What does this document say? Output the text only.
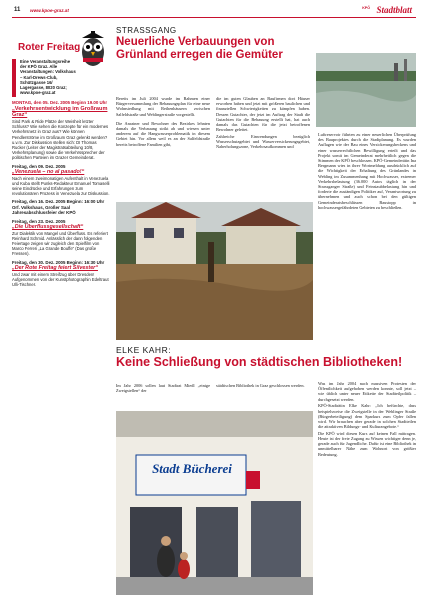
11 www.kpoe-graz.at	KPÖ Stadtblatt
Roter Freitag

Eine Veranstaltungsreihe der KPÖ Graz. Alle Veranstaltungen: Volkshaus – Karl-Drews-Club, Schützgasse 16/ Lagergasse, 8020 Graz; www.kpoe-graz.at

MONTAG, den 05. Dez. 2005 Beginn 19.00 Uhr
„Verkehrsentwicklung im Großraum Graz“
Sind Park & Ride Plätze der Weisheit letzter Schluss? Wie sehen die Konzepte für ein modernes Verkehrsnetz in Graz aus? Wie können Pendlerströme im Großraum Graz gelenkt werden? u.v.m. Zur Diskussion stellen sich: DI Thomas Rucker (Leiter der Magistratsabteilung 10/8, Verkehrsplanung) sowie die Verkehrssprecher der politischen Parteien im Grazer Gemeinderat.
Freitag, den 09. Dez. 2005
„Venezuela – no al pasado!“
Nach einem zweimonatigen Aufenthalt in Venezuela und Kuba stellt Punks-Redakteur Emanuel Tomaselli seine Eindrücke und Erfahrungen zum revolutionären Prozess in Venezuela zur Diskussion.
Freitag, den 16. Dez. 2005 Beginn: 16:00 Uhr
Orf. Volkshaus, Großer Saal Jahresabschlussfeier der KPÖ
Freitag, den 23. Dez. 2005
„Die Überflussgesellschaft“
Zur Dialektik von Mangel und Überfluss. Es referiert Reinhard Schmid. Anlässlich der dann folgenden Feiertage zeigen wir zugleich den Spielfilm von Marco Ferreri „La Grande Bouffe“ (Das große Fressen).
Freitag, den 30. Dez. 2005 Beginn: 16:30 Uhr
„Der Rote Freitag feiert Silvester“
Und zwar mit einem Streifzug über Dresden! Aufgenommen von der Kunstphotographin Edeltraut Ulli-Tischner.
STRASSGANG
Neuerliche Verbauungen von Grünland erregen die Gemüter

Bereits im Juli 2004 wurde im Rahmen einer Bürgerversammlung der Bebauungsplan für eine neue Wohnsiedlung mit Reihenhäusern zwischen Salfeldstraße und Weblingerstraße vorgestellt.

Die Anrainer und Bewohner des Bezirkes lehnten damals die Verbauung strikt ab und wiesen unter anderem auf die Hangwasserproblematik in diesem Gebiet hin. Vor allem weil es an der Salfeldstraße bereits betroffene Familien gibt,

die im guten Glauben an Baufirmen dort Häuser erworben haben und jetzt mit größeren baulichen und finanziellen Schwierigkeiten zu kämpfen haben. Dessen Gutachter, der jetzt im Auftrag der Stadt die Gutachten für die Bebauung erstellt hat, hat auch damals das Gutachten für die jetzt betroffenen Bewohner geleitet.

Zahlreiche Einwendungen bezüglich Wasserschutzgebiet und Wasserversickerungsgebiet, Naherholungszone, Verkehrsaufkommen und

Luftreservoir führten zu einer neuerlichen Überprüfung des Bauprojektes durch die Stadtplanung. Es wurden Auflagen wie der Bau eines Versickerungsbeckens und einer wasserrechtlichen Bewilligung erteilt und das Projekt somit im Gemeinderat mehrheitlich gegen die Stimmen der KPÖ beschlossen. KPÖ-Gemeinderätin Ina Bergmann wies in ihrer Wortmeldung ausdrücklich auf die Wichtigkeit der Erhaltung des Grünlandes in Webling im Zusammenhang mit Hochwasser, extremer Verkehrsbelastung (36.000 Autos täglich in der Strassganger Straße) und Feinstaubbelastung hin und forderte die zuständigen Politiker auf, Verantwortung zu übernehmen und auch schon bei den gültigen Gemeinderatsbeschlüssen Baustopp in hochwassergefährdeten Gebieten zu beschließen.

ELKE KAHR:
Keine Schließung von städtischen Bibliotheken!

Im Jahr 2006 sollen laut Stadtrat Miedl „einige Zweigstellen“ der

städtischen Bibliothek in Graz geschlossen werden.

Stadt Bücherei

Was im Jahr 2004 nach massiven Protesten der Öffentlichkeit aufgehoben werden konnte, soll jetzt – wie üblich unter neuer Etikette der Stadtteilpolitik – durchgesetzt werden.

KPÖ-Stadträtin Elke Kahr: „Ich befürchte, dass beispielsweise die Zweigstelle in der Weblinger Straße (Bürgerbeteiligung) dem Sparkurs zum Opfer fallen wird. Wir brauchen aber gerade in solchen Stadtteilen die attraktiven Bildungs- und Kulturangebote.“

Die KPÖ wird diesen Kurs auf keinen Fall mittragen. Heute ist der freie Zugang zu Wissen wichtiger denn je, gerade auch für Jugendliche. Dafür ist eine Bibliothek in unmittelbarer Nähe zum Wohnort von größter Bedeutung.
